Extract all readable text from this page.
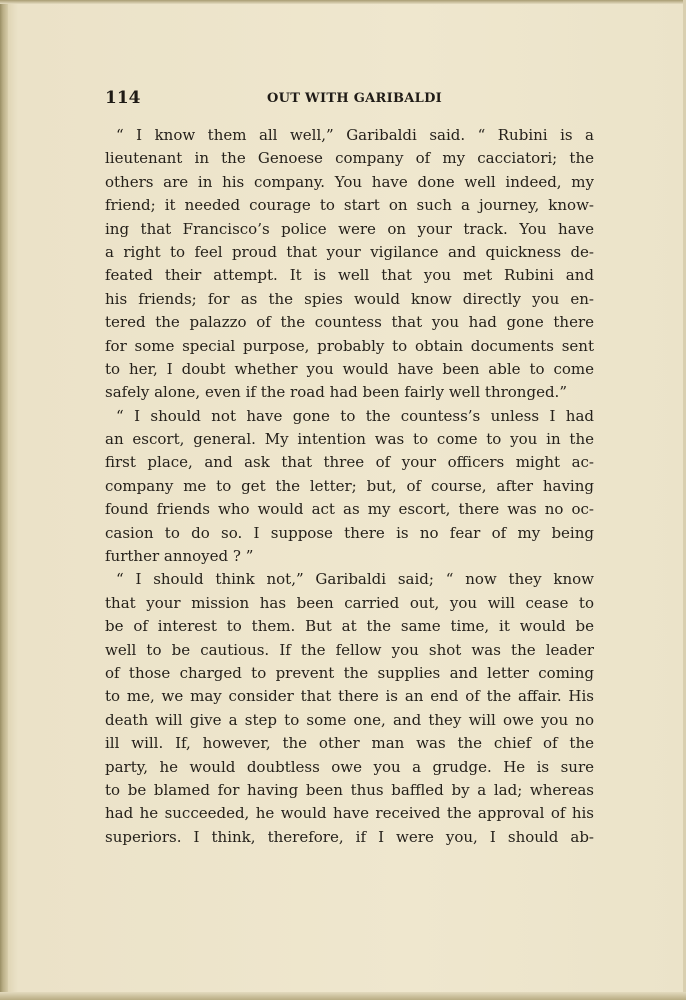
114	OUT WITH GARIBALDI
“ I know them all well,” Garibaldi said. “ Rubini is a
lieutenant in the Genoese company of my cacciatori; the
others are in his company. You have done well indeed, my
friend; it needed courage to start on such a journey, know-
ing that Francisco’s police were on your track. You have
a right to feel proud that your vigilance and quickness de-
feated their attempt. It is well that you met Rubini and
his friends; for as the spies would know directly you en-
tered the palazzo of the countess that you had gone there
for some special purpose, probably to obtain documents sent
to her, I doubt whether you would have been able to come
safely alone, even if the road had been fairly well thronged.”
“ I should not have gone to the countess’s unless I had
an escort, general. My intention was to come to you in the
first place, and ask that three of your officers might ac-
company me to get the letter; but, of course, after having
found friends who would act as my escort, there was no oc-
casion to do so. I suppose there is no fear of my being
further annoyed ? ”
“ I should think not,” Garibaldi said; “ now they know
that your mission has been carried out, you will cease to
be of interest to them. But at the same time, it would be
well to be cautious. If the fellow you shot was the leader
of those charged to prevent the supplies and letter coming
to me, we may consider that there is an end of the affair. His
death will give a step to some one, and they will owe you no
ill will. If, however, the other man was the chief of the
party, he would doubtless owe you a grudge. He is sure
to be blamed for having been thus baffled by a lad; whereas
had he succeeded, he would have received the approval of his
superiors. I think, therefore, if I were you, I should ab-
